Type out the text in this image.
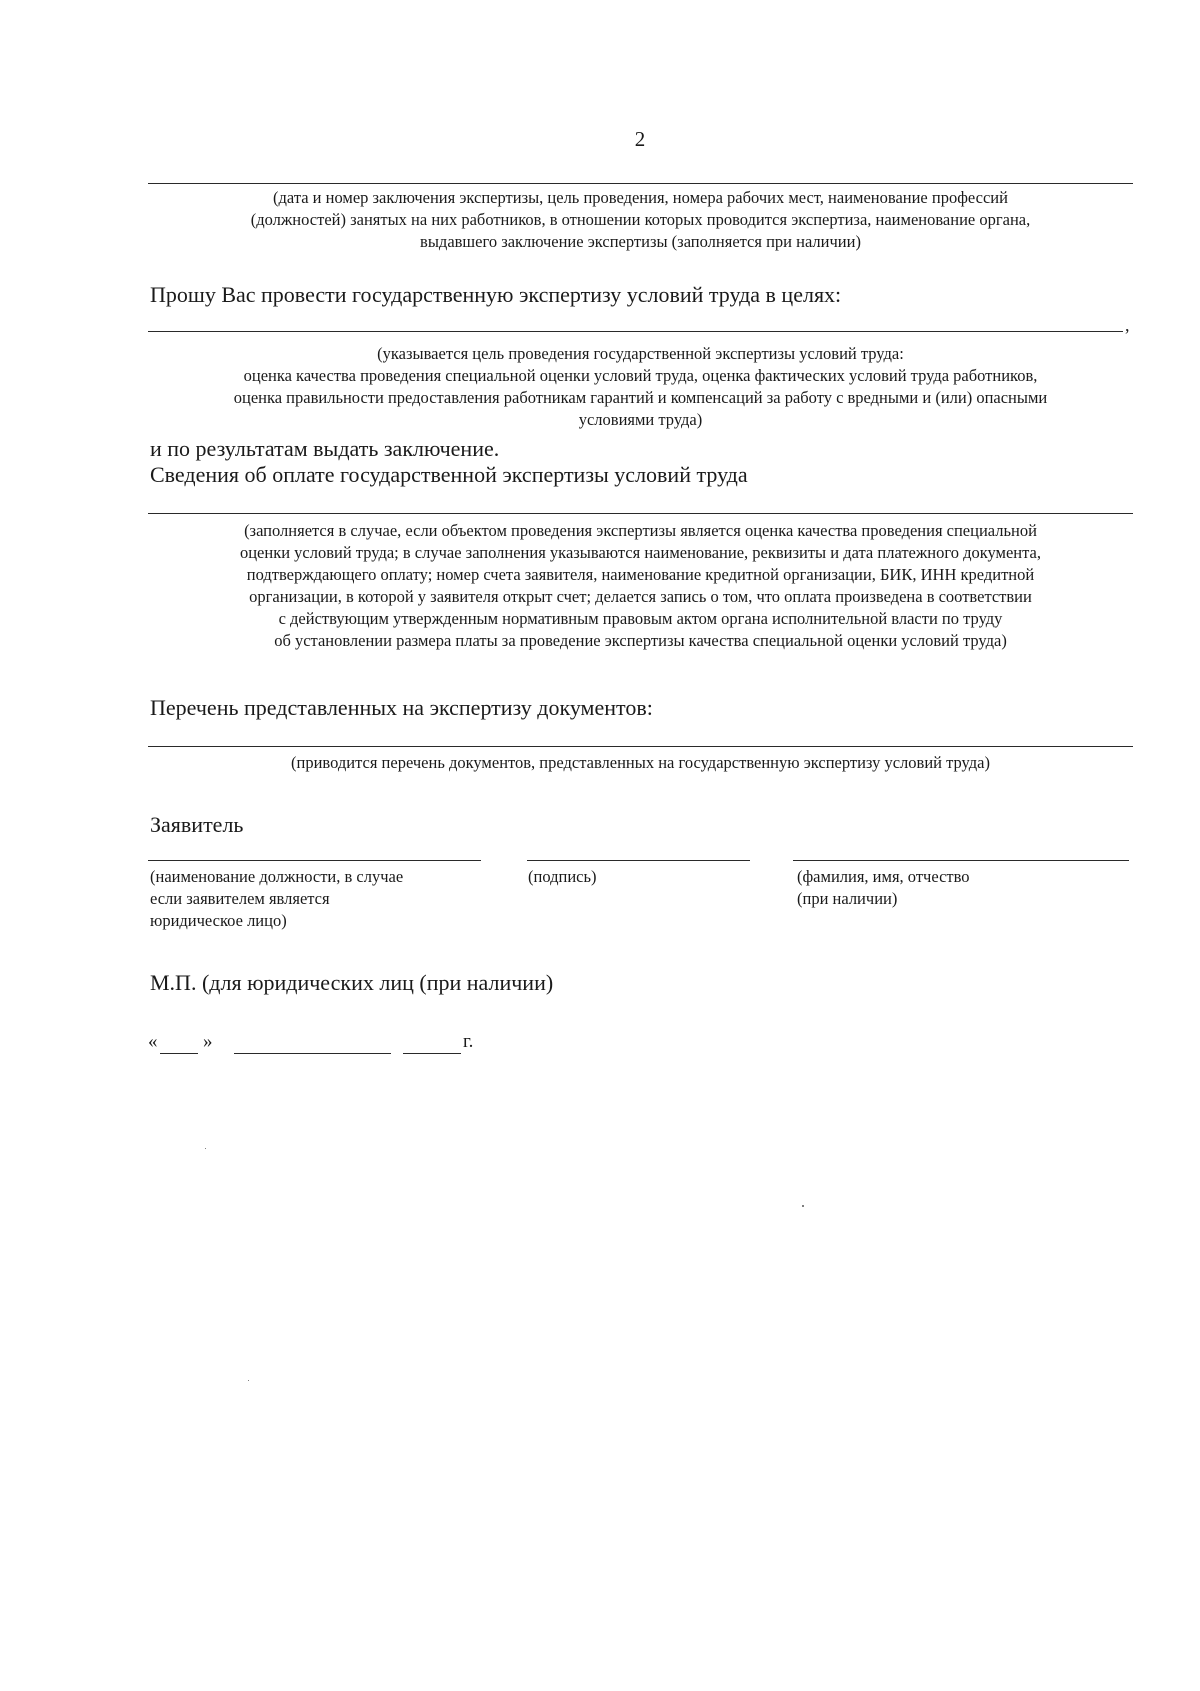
2
(дата и номер заключения экспертизы, цель проведения, номера рабочих мест, наименование профессий
(должностей) занятых на них работников, в отношении которых проводится экспертиза, наименование органа,
выдавшего заключение экспертизы (заполняется при наличии)
Прошу Вас провести государственную экспертизу условий труда в целях:
,
(указывается цель проведения государственной экспертизы условий труда:
оценка качества проведения специальной оценки условий труда, оценка фактических условий труда работников,
оценка правильности предоставления работникам гарантий и компенсаций за работу с вредными и (или) опасными
условиями труда)
и по результатам выдать заключение.
Сведения об оплате государственной экспертизы условий труда
(заполняется в случае, если объектом проведения экспертизы является оценка качества проведения специальной
оценки условий труда; в случае заполнения указываются наименование, реквизиты и дата платежного документа,
подтверждающего оплату; номер счета заявителя, наименование кредитной организации, БИК, ИНН кредитной
организации, в которой у заявителя открыт счет; делается запись о том, что оплата произведена в соответствии
с действующим утвержденным нормативным правовым актом органа исполнительной власти по труду
об установлении размера платы за проведение экспертизы качества специальной оценки условий труда)
Перечень представленных на экспертизу документов:
(приводится перечень документов, представленных на государственную экспертизу условий труда)
Заявитель
(наименование должности, в случае
если заявителем является
юридическое лицо)
(подпись)	(фамилия, имя, отчество
(при наличии)
М.П. (для юридических лиц (при наличии)
« »	г.
